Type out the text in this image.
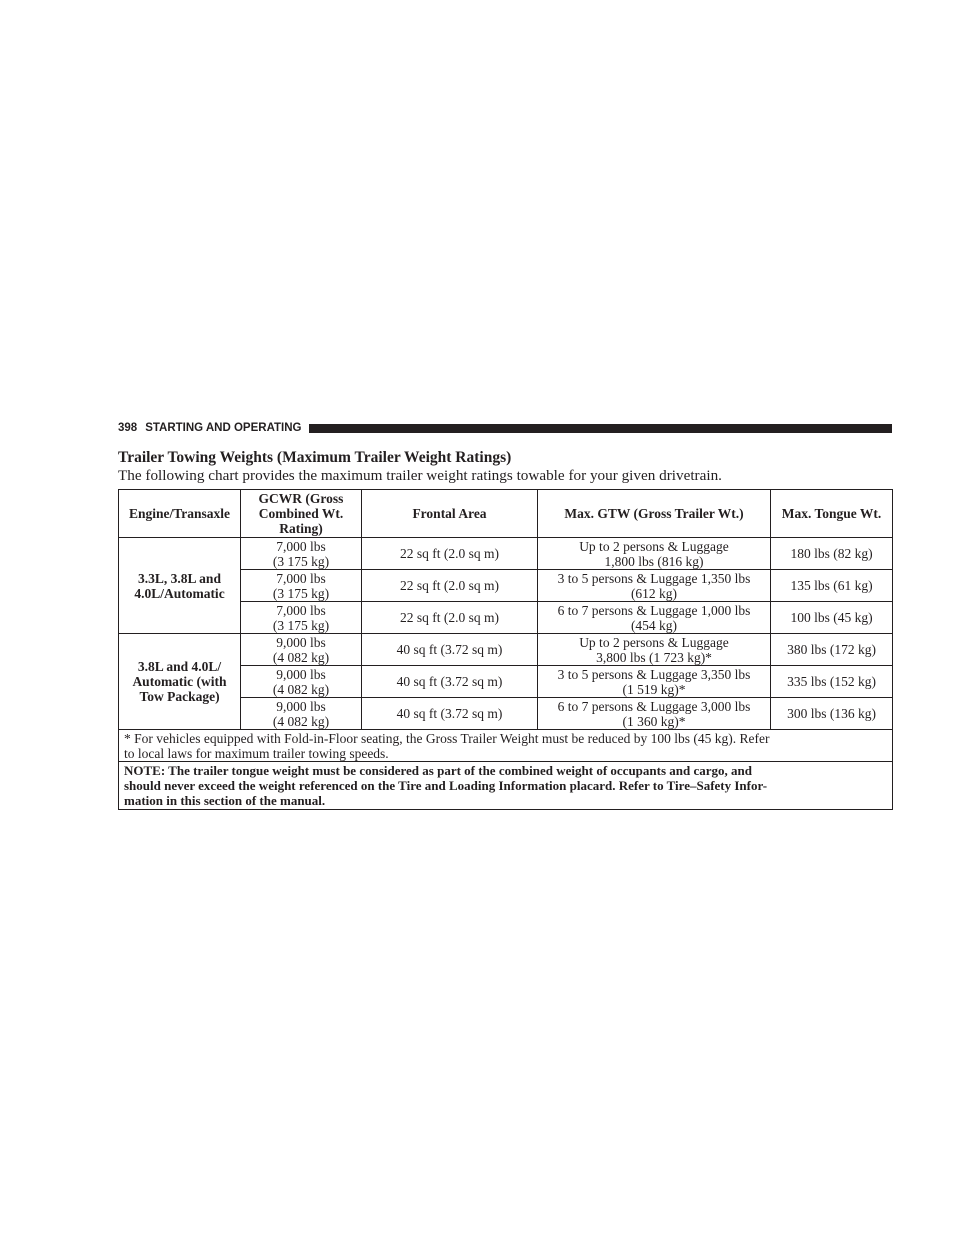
398 STARTING AND OPERATING
Trailer Towing Weights (Maximum Trailer Weight Ratings)
The following chart provides the maximum trailer weight ratings towable for your given drivetrain.
Engine/Transaxle	GCWR (Gross
Combined Wt.
Rating)	Frontal Area	Max. GTW (Gross Trailer Wt.)	Max. Tongue Wt.

3.3L, 3.8L and
4.0L/Automatic	7,000 lbs
(3 175 kg)	22 sq ft (2.0 sq m)	Up to 2 persons & Luggage
1,800 lbs (816 kg)	180 lbs (82 kg)

	7,000 lbs
(3 175 kg)	22 sq ft (2.0 sq m)	3 to 5 persons & Luggage 1,350 lbs
(612 kg)	135 lbs (61 kg)

	7,000 lbs
(3 175 kg)	22 sq ft (2.0 sq m)	6 to 7 persons & Luggage 1,000 lbs
(454 kg)	100 lbs (45 kg)

3.8L and 4.0L/
Automatic (with
Tow Package)	9,000 lbs
(4 082 kg)	40 sq ft (3.72 sq m)	Up to 2 persons & Luggage
3,800 lbs (1 723 kg)*	380 lbs (172 kg)

	9,000 lbs
(4 082 kg)	40 sq ft (3.72 sq m)	3 to 5 persons & Luggage 3,350 lbs
(1 519 kg)*	335 lbs (152 kg)

	9,000 lbs
(4 082 kg)	40 sq ft (3.72 sq m)	6 to 7 persons & Luggage 3,000 lbs
(1 360 kg)*	300 lbs (136 kg)

* For vehicles equipped with Fold-in-Floor seating, the Gross Trailer Weight must be reduced by 100 lbs (45 kg). Refer
to local laws for maximum trailer towing speeds.				

NOTE: The trailer tongue weight must be considered as part of the combined weight of occupants and cargo, and
should never exceed the weight referenced on the Tire and Loading Information placard. Refer to Tire–Safety Infor-
mation in this section of the manual.				
